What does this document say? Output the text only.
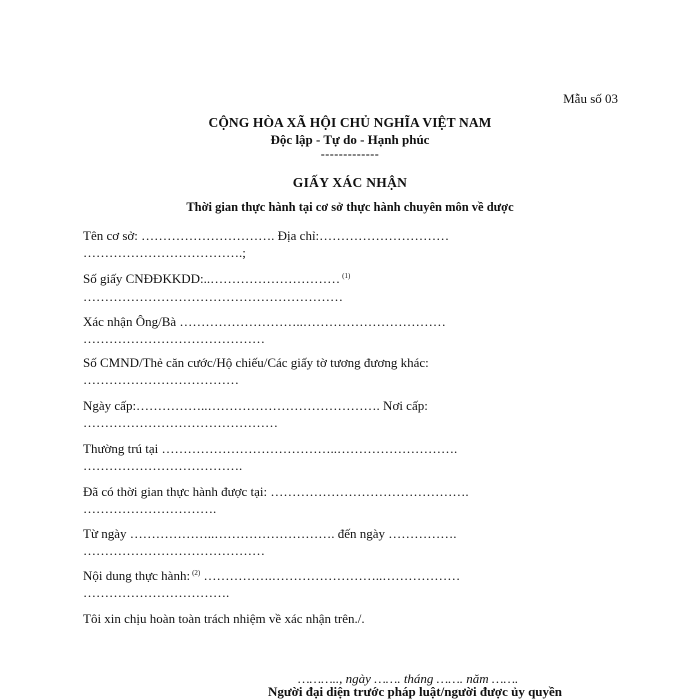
Mẫu số 03
CỘNG HÒA XÃ HỘI CHỦ NGHĨA VIỆT NAM
Độc lập - Tự do - Hạnh phúc
-------------
GIẤY XÁC NHẬN
Thời gian thực hành tại cơ sở thực hành chuyên môn về dược
Tên cơ sở: …………………………. Địa chỉ:…………………………
……………………………….;
Số giấy CNĐĐKKDD:..………………………… $^{(1)}$
……………………………………………………
Xác nhận Ông/Bà ………………………..……………………………
……………………………………
Số CMND/Thẻ căn cước/Hộ chiếu/Các giấy tờ tương đương khác:
………………………………
Ngày cấp:……………..…………………………………. Nơi cấp:
………………………………………
Thường trú tại …………………………………..……………………….
……………………………….
Đã có thời gian thực hành được tại: ……………………………………….
………………………….
Từ ngày ………………..………………………. đến ngày …………….
……………………………………
Nội dung thực hành: $^{(2)}$ …………….……………………..………………
…………………………….
Tôi xin chịu hoàn toàn trách nhiệm về xác nhận trên./.
……….., ngày ……. tháng ……. năm …….
Người đại diện trước pháp luật/người được ủy quyền
